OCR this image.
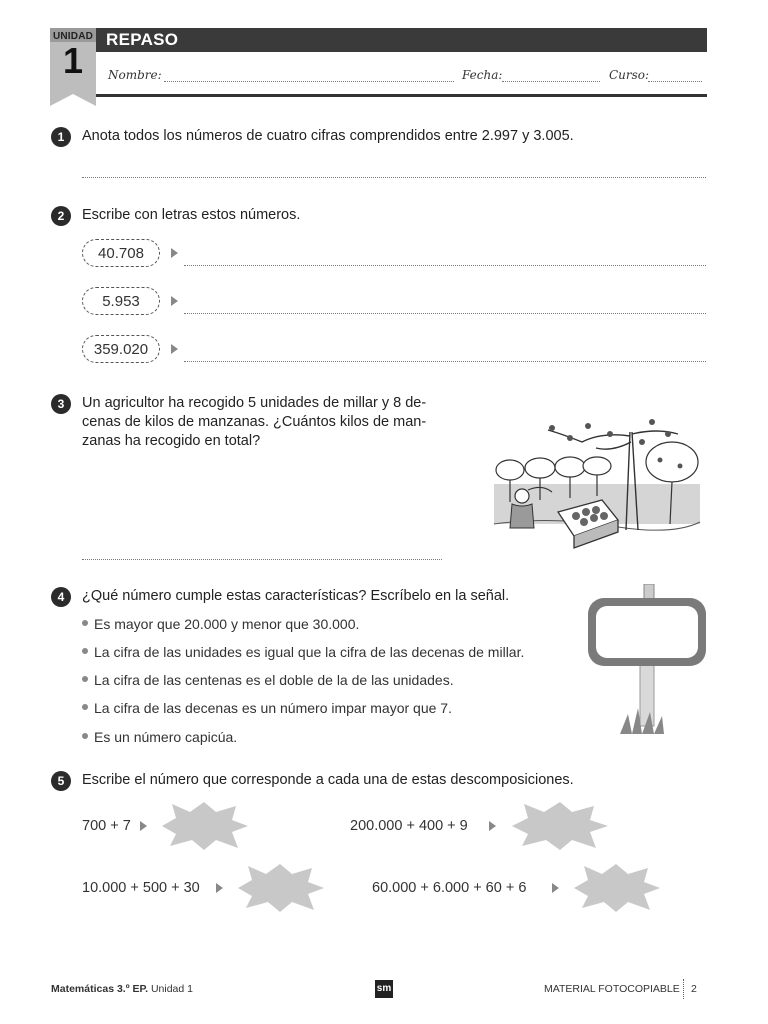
UNIDAD
1
REPASO
Nombre:	Fecha:	Curso:
1	Anota todos los números de cuatro cifras comprendidos entre 2.997 y 3.005.
2	Escribe con letras estos números.
40.708
5.953
359.020
3	Un agricultor ha recogido 5 unidades de millar y 8 de-
cenas de kilos de manzanas. ¿Cuántos kilos de man-
zanas ha recogido en total?
4	¿Qué número cumple estas características? Escríbelo en la señal.
Es mayor que 20.000 y menor que 30.000.
La cifra de las unidades es igual que la cifra de las decenas de millar.
La cifra de las centenas es el doble de la de las unidades.
La cifra de las decenas es un número impar mayor que 7.
Es un número capicúa.
5	Escribe el número que corresponde a cada una de estas descomposiciones.
700 + 7	200.000 + 400 + 9
10.000 + 500 + 30	60.000 + 6.000 + 60 + 6
Matemáticas 3.º EP. Unidad 1	sm	MATERIAL FOTOCOPIABLE 2
